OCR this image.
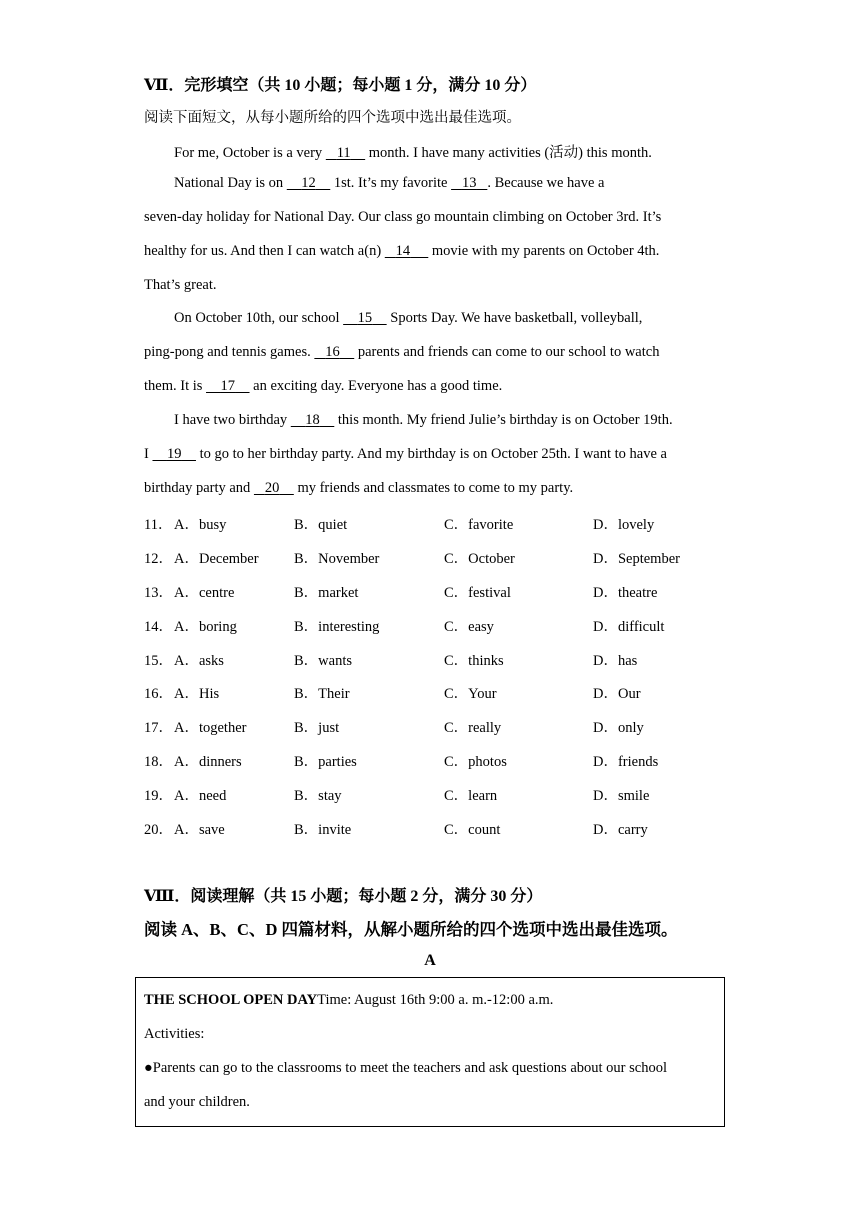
Ⅶ．完形填空（共 10 小题；每小题 1 分，满分 10 分）
阅读下面短文，从每小题所给的四个选项中选出最佳选项。
For me, October is a very    11     month. I have many activities (活动) this month.
National Day is on     12     1st. It’s my favorite    13 . Because we have a
seven-day holiday for National Day. Our class go mountain climbing on October 3rd. It’s
healthy for us. And then I can watch a(n)    14      movie with my parents on October 4th.
That’s great.
On October 10th, our school     15     Sports Day. We have basketball, volleyball,
ping-pong and tennis games.    16     parents and friends can come to our school to watch
them. It is     17     an exciting day. Everyone has a good time.
I have two birthday     18     this month. My friend Julie’s birthday is on October 19th.
I     19     to go to her birthday party. And my birthday is on October 25th. I want to have a
birthday party and    20     my friends and classmates to come to my party.
11． A．busy	B．quiet	C．favorite	D．lovely
12． A．December B．November	C．October	D．September
13． A．centre	B．market	C．festival	D．theatre
14． A．boring	B．interesting	C．easy	D．difficult
15． A．asks	B．wants	C．thinks	D．has
16． A．His	B．Their	C．Your	D．Our
17． A．together	B．just	C．really	D．only
18． A．dinners	B．parties	C．photos	D．friends
19． A．need	B．stay	C．learn	D．smile
20． A．save	B．invite	C．count	D．carry
Ⅷ．阅读理解（共 15 小题；每小题 2 分，满分 30 分）
阅读 A、B、C、D 四篇材料，从解小题所给的四个选项中选出最佳选项。
A
THE SCHOOL OPEN DAYTime: August 16th 9:00 a. m.-12:00 a.m.
Activities:
●Parents can go to the classrooms to meet the teachers and ask questions about our school
and your children.
